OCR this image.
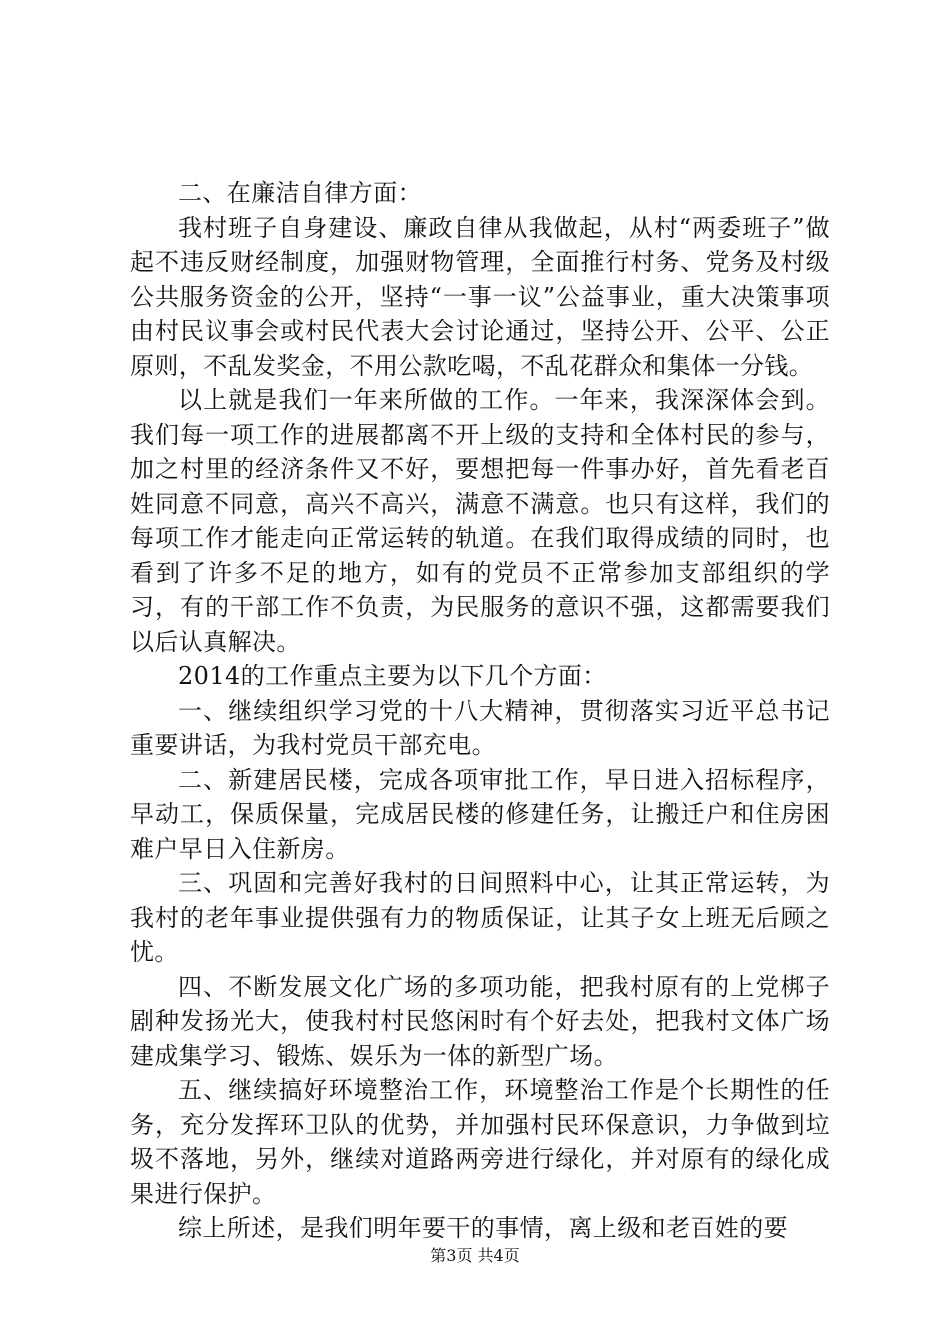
二、在廉洁自律方面：

我村班子自身建设、廉政自律从我做起，从村“两委班子”做起不违反财经制度，加强财物管理，全面推行村务、党务及村级公共服务资金的公开，坚持“一事一议”公益事业，重大决策事项由村民议事会或村民代表大会讨论通过，坚持公开、公平、公正原则，不乱发奖金，不用公款吃喝，不乱花群众和集体一分钱。

以上就是我们一年来所做的工作。一年来，我深深体会到。我们每一项工作的进展都离不开上级的支持和全体村民的参与，加之村里的经济条件又不好，要想把每一件事办好，首先看老百姓同意不同意，高兴不高兴，满意不满意。也只有这样，我们的每项工作才能走向正常运转的轨道。在我们取得成绩的同时，也看到了许多不足的地方，如有的党员不正常参加支部组织的学习，有的干部工作不负责，为民服务的意识不强，这都需要我们以后认真解决。

2014的工作重点主要为以下几个方面：

一、继续组织学习党的十八大精神，贯彻落实习近平总书记重要讲话，为我村党员干部充电。

二、新建居民楼，完成各项审批工作，早日进入招标程序，早动工，保质保量，完成居民楼的修建任务，让搬迁户和住房困难户早日入住新房。

三、巩固和完善好我村的日间照料中心，让其正常运转，为我村的老年事业提供强有力的物质保证，让其子女上班无后顾之忧。

四、不断发展文化广场的多项功能，把我村原有的上党梆子剧种发扬光大，使我村村民悠闲时有个好去处，把我村文体广场建成集学习、锻炼、娱乐为一体的新型广场。

五、继续搞好环境整治工作，环境整治工作是个长期性的任务，充分发挥环卫队的优势，并加强村民环保意识，力争做到垃圾不落地，另外，继续对道路两旁进行绿化，并对原有的绿化成果进行保护。

综上所述，是我们明年要干的事情，离上级和老百姓的要

第3页 共4页
